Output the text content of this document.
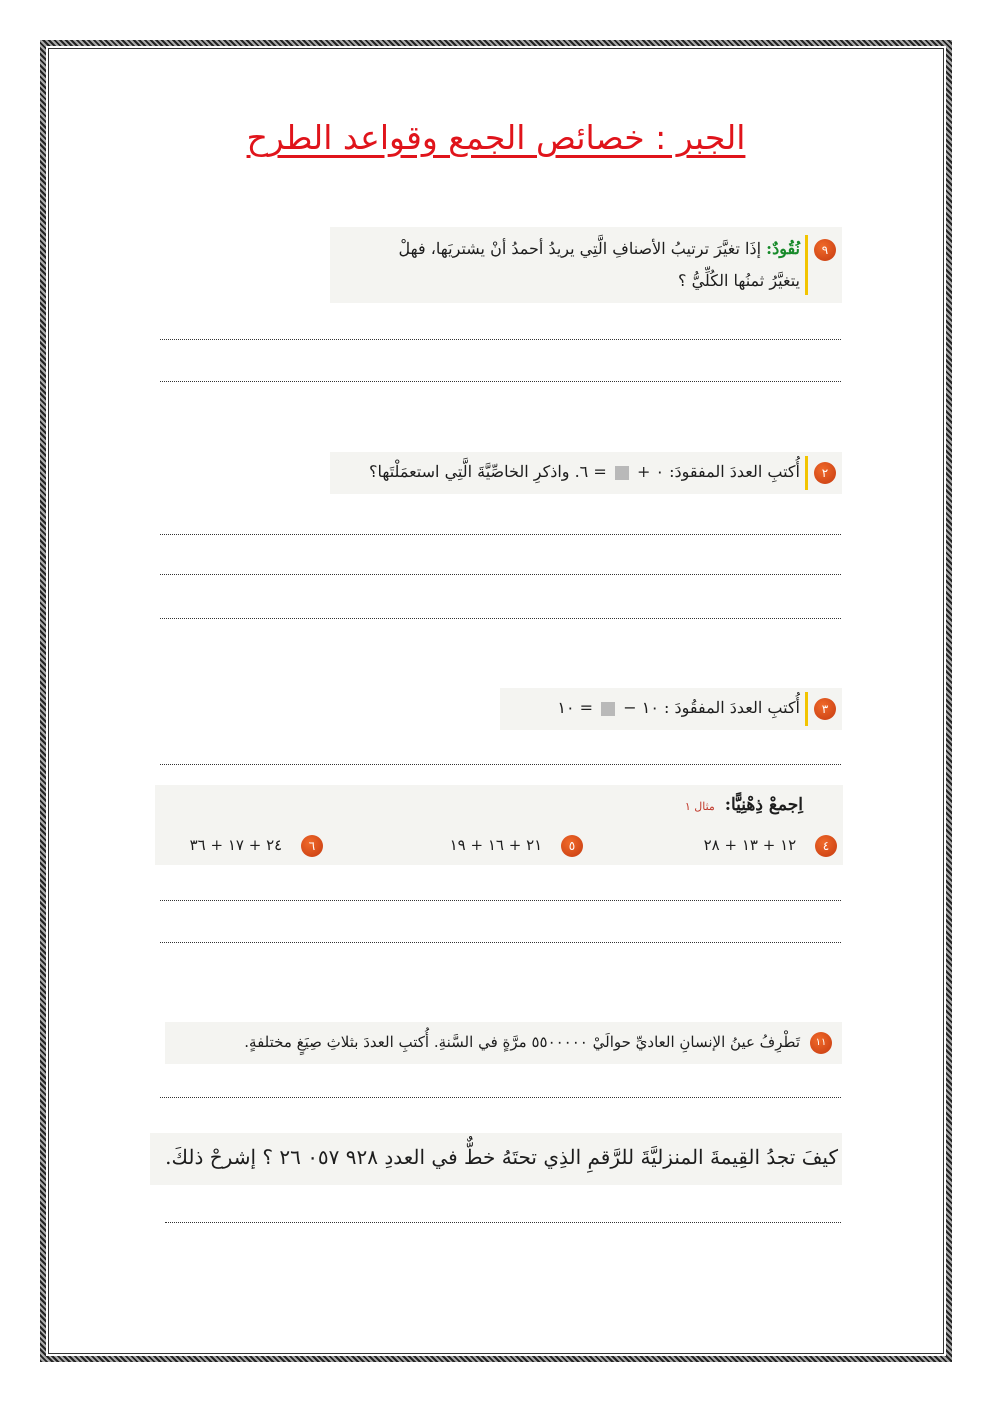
الجبر : خصائص الجمع وقواعد الطرح
٩
نُقُودٌ: إذَا تغيَّرَ ترتيبُ الأصنافِ الَّتِي يريدُ أحمدُ أنْ يشتريَها، فهلْ
يتغيَّرُ ثمنُها الكُلِّيُّ ؟
٢
أُكتبِ العددَ المفقودَ: ٠ +  = ٦. واذكرِ الخاصِّيَّةَ الَّتِي استعمَلْتَها؟
٣
أُكتبِ العددَ المفقُودَ : ١٠ −  = ١٠
اِجمعْ ذِهْنِيًّا: مثال ١
٤ ١٢ + ١٣ + ٢٨
٥ ٢١ + ١٦ + ١٩
٦ ٢٤ + ١٧ + ٣٦
١١
تَطْرِفُ عينُ الإنسانِ العاديِّ حوالَيْ ٥٥٠٠٠٠٠ مرَّةٍ في السَّنةِ. أُكتبِ العددَ بثلاثِ صِيَغٍ مختلفةٍ.
كيفَ تجدُ القِيمةَ المنزليَّةَ للرَّقمِ الذِي تحتَهُ خطٌّ في العددِ ٩٢٨ ٠٥٧ ٢٦ ؟ إشرحْ ذلكَ.
